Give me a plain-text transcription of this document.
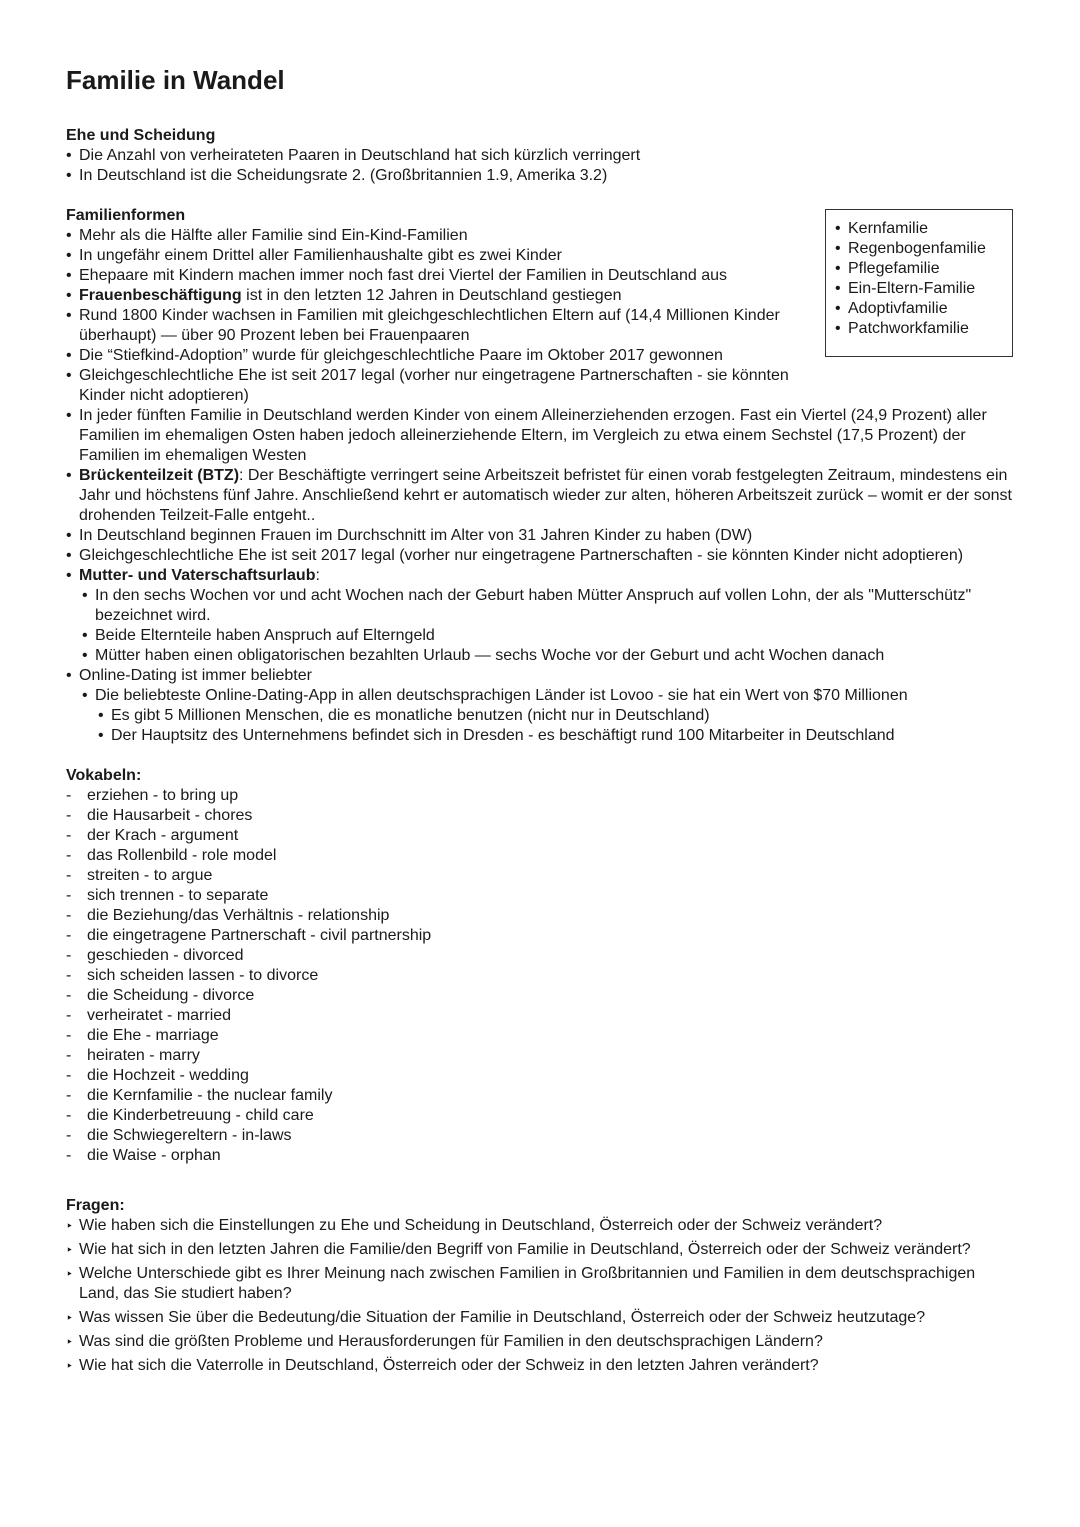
Familie in Wandel
Ehe und Scheidung
• Die Anzahl von verheirateten Paaren in Deutschland hat sich kürzlich verringert
• In Deutschland ist die Scheidungsrate 2. (Großbritannien 1.9, Amerika 3.2)
Familienformen
• Mehr als die Hälfte aller Familie sind Ein-Kind-Familien
• In ungefähr einem Drittel aller Familienhaushalte gibt es zwei Kinder
• Ehepaare mit Kindern machen immer noch fast drei Viertel der Familien in Deutschland aus
• Frauenbeschäftigung ist in den letzten 12 Jahren in Deutschland gestiegen
• Rund 1800 Kinder wachsen in Familien mit gleichgeschlechtlichen Eltern auf (14,4 Millionen Kinder überhaupt) — über 90 Prozent leben bei Frauenpaaren
• Die “Stiefkind-Adoption” wurde für gleichgeschlechtliche Paare im Oktober 2017 gewonnen
• Gleichgeschlechtliche Ehe ist seit 2017 legal (vorher nur eingetragene Partnerschaften - sie könnten Kinder nicht adoptieren)
• In jeder fünften Familie in Deutschland werden Kinder von einem Alleinerziehenden erzogen. Fast ein Viertel (24,9 Prozent) aller Familien im ehemaligen Osten haben jedoch alleinerziehende Eltern, im Vergleich zu etwa einem Sechstel (17,5 Prozent) der Familien im ehemaligen Westen
• Brückenteilzeit (BTZ): Der Beschäftigte verringert seine Arbeitszeit befristet für einen vorab festgelegten Zeitraum, mindestens ein Jahr und höchstens fünf Jahre. Anschließend kehrt er automatisch wieder zur alten, höheren Arbeitszeit zurück – womit er der sonst drohenden Teilzeit-Falle entgeht..
• In Deutschland beginnen Frauen im Durchschnitt im Alter von 31 Jahren Kinder zu haben (DW)
• Gleichgeschlechtliche Ehe ist seit 2017 legal (vorher nur eingetragene Partnerschaften - sie könnten Kinder nicht adoptieren)
• Mutter- und Vaterschaftsurlaub:
• In den sechs Wochen vor und acht Wochen nach der Geburt haben Mütter Anspruch auf vollen Lohn, der als "Mutterschütz" bezeichnet wird.
• Beide Elternteile haben Anspruch auf Elterngeld
• Mütter haben einen obligatorischen bezahlten Urlaub — sechs Woche vor der Geburt und acht Wochen danach
• Online-Dating ist immer beliebter
• Die beliebteste Online-Dating-App in allen deutschsprachigen Länder ist Lovoo - sie hat ein Wert von $70 Millionen
• Es gibt 5 Millionen Menschen, die es monatliche benutzen (nicht nur in Deutschland)
• Der Hauptsitz des Unternehmens befindet sich in Dresden - es beschäftigt rund 100 Mitarbeiter in Deutschland
Vokabeln:
- erziehen - to bring up
- die Hausarbeit - chores
- der Krach - argument
- das Rollenbild - role model
- streiten - to argue
- sich trennen - to separate
- die Beziehung/das Verhältnis - relationship
- die eingetragene Partnerschaft - civil partnership
- geschieden - divorced
- sich scheiden lassen - to divorce
- die Scheidung - divorce
- verheiratet - married
- die Ehe - marriage
- heiraten - marry
- die Hochzeit - wedding
- die Kernfamilie - the nuclear family
- die Kinderbetreuung - child care
- die Schwiegereltern - in-laws
- die Waise - orphan
Fragen:
‣ Wie haben sich die Einstellungen zu Ehe und Scheidung in Deutschland, Österreich oder der Schweiz verändert?
‣ Wie hat sich in den letzten Jahren die Familie/den Begriff von Familie in Deutschland, Österreich oder der Schweiz verändert?
‣ Welche Unterschiede gibt es Ihrer Meinung nach zwischen Familien in Großbritannien und Familien in dem deutschsprachigen Land, das Sie studiert haben?
‣ Was wissen Sie über die Bedeutung/die Situation der Familie in Deutschland, Österreich oder der Schweiz heutzutage?
‣ Was sind die größten Probleme und Herausforderungen für Familien in den deutschsprachigen Ländern?
‣ Wie hat sich die Vaterrolle in Deutschland, Österreich oder der Schweiz in den letzten Jahren verändert?
• Kernfamilie
• Regenbogenfamilie
• Pflegefamilie
• Ein-Eltern-Familie
• Adoptivfamilie
• Patchworkfamilie
